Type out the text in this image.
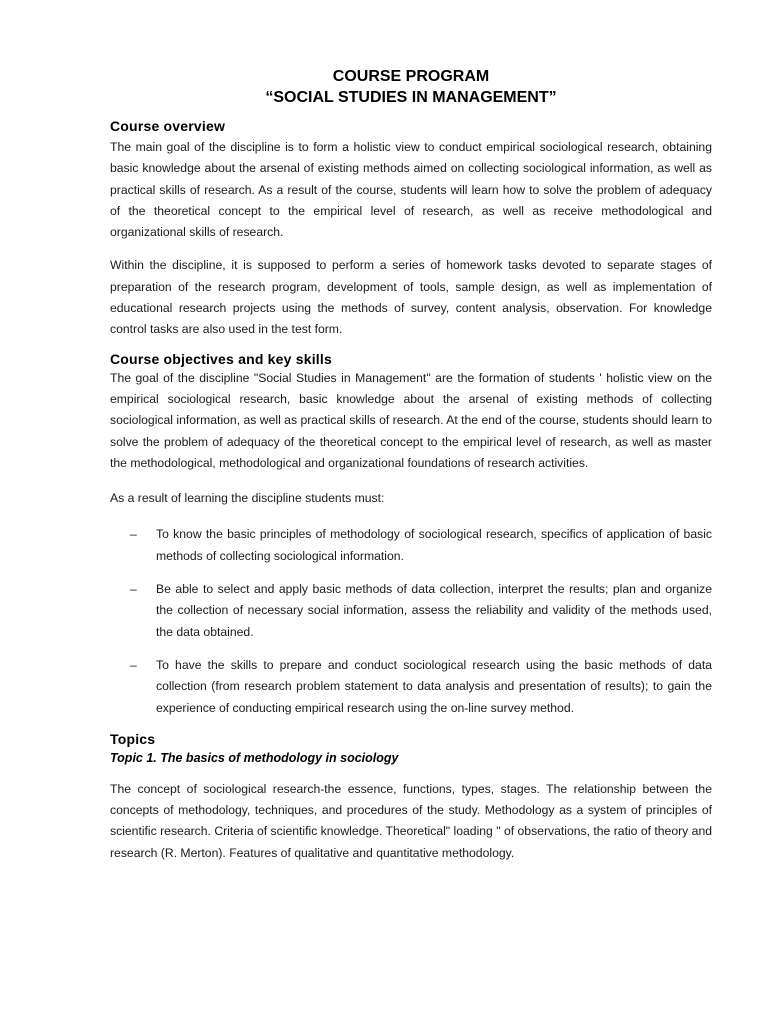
COURSE PROGRAM
“SOCIAL STUDIES IN MANAGEMENT”
Course overview

The main goal of the discipline is to form a holistic view to conduct empirical sociological research, obtaining basic knowledge about the arsenal of existing methods aimed on collecting sociological information, as well as practical skills of research. As a result of the course, students will learn how to solve the problem of adequacy of the theoretical concept to the empirical level of research, as well as receive methodological and organizational skills of research.

Within the discipline, it is supposed to perform a series of homework tasks devoted to separate stages of preparation of the research program, development of tools, sample design, as well as implementation of educational research projects using the methods of survey, content analysis, observation. For knowledge control tasks are also used in the test form.

Course objectives and key skills

The goal of the discipline "Social Studies in Management" are the formation of students ' holistic view on the empirical sociological research, basic knowledge about the arsenal of existing methods of collecting sociological information, as well as practical skills of research. At the end of the course, students should learn to solve the problem of adequacy of the theoretical concept to the empirical level of research, as well as master the methodological, methodological and organizational foundations of research activities.

As a result of learning the discipline students must:

– To know the basic principles of methodology of sociological research, specifics of application of basic methods of collecting sociological information.

– Be able to select and apply basic methods of data collection, interpret the results; plan and organize the collection of necessary social information, assess the reliability and validity of the methods used, the data obtained.

– To have the skills to prepare and conduct sociological research using the basic methods of data collection (from research problem statement to data analysis and presentation of results); to gain the experience of conducting empirical research using the on-line survey method.

Topics
Topic 1. The basics of methodology in sociology

The concept of sociological research-the essence, functions, types, stages. The relationship between the concepts of methodology, techniques, and procedures of the study. Methodology as a system of principles of scientific research. Criteria of scientific knowledge. Theoretical" loading " of observations, the ratio of theory and research (R. Merton). Features of qualitative and quantitative methodology.
